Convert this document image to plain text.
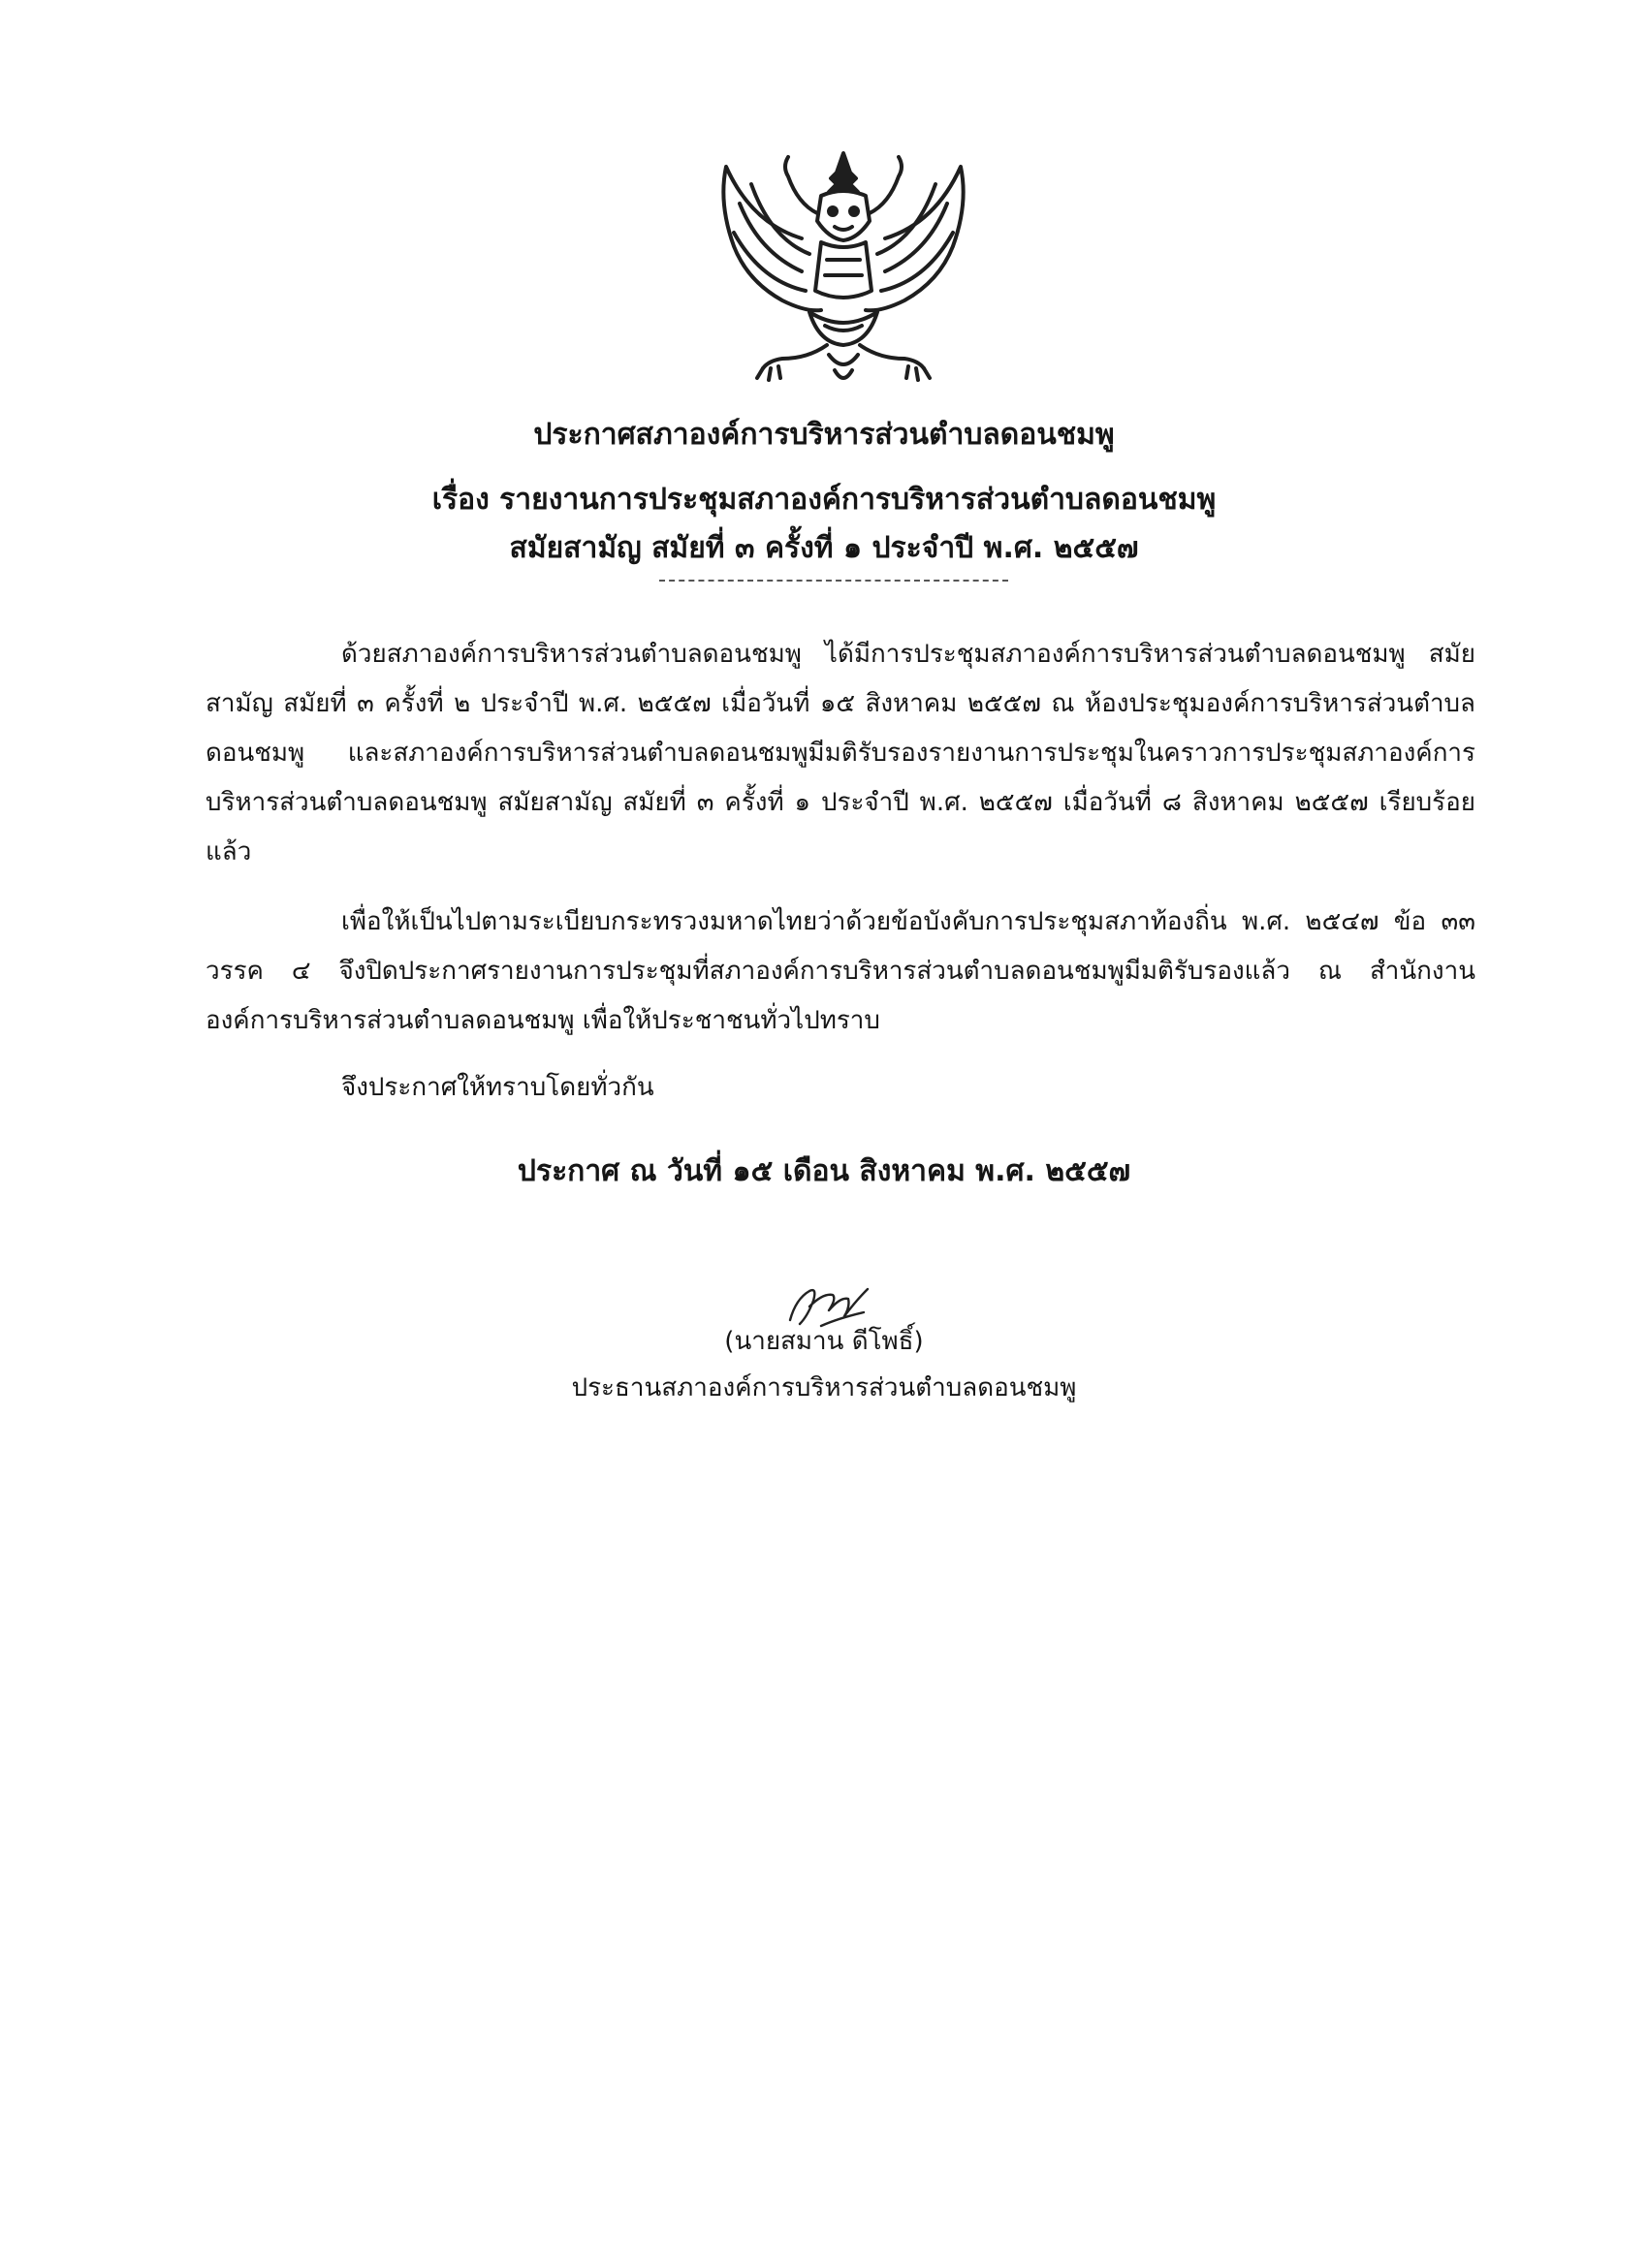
ประกาศสภาองค์การบริหารส่วนตำบลดอนชมพู
เรื่อง รายงานการประชุมสภาองค์การบริหารส่วนตำบลดอนชมพู
สมัยสามัญ สมัยที่ ๓ ครั้งที่ ๑ ประจำปี พ.ศ. ๒๕๕๗
ด้วยสภาองค์การบริหารส่วนตำบลดอนชมพู ได้มีการประชุมสภาองค์การบริหารส่วนตำบลดอนชมพู สมัยสามัญ สมัยที่ ๓ ครั้งที่ ๒ ประจำปี พ.ศ. ๒๕๕๗ เมื่อวันที่ ๑๕ สิงหาคม ๒๕๕๗ ณ ห้องประชุมองค์การบริหารส่วนตำบลดอนชมพู และสภาองค์การบริหารส่วนตำบลดอนชมพูมีมติรับรองรายงานการประชุมในคราวการประชุมสภาองค์การบริหารส่วนตำบลดอนชมพู สมัยสามัญ สมัยที่ ๓ ครั้งที่ ๑ ประจำปี พ.ศ. ๒๕๕๗ เมื่อวันที่ ๘ สิงหาคม ๒๕๕๗ เรียบร้อยแล้ว
เพื่อให้เป็นไปตามระเบียบกระทรวงมหาดไทยว่าด้วยข้อบังคับการประชุมสภาท้องถิ่น พ.ศ. ๒๕๔๗ ข้อ ๓๓ วรรค ๔ จึงปิดประกาศรายงานการประชุมที่สภาองค์การบริหารส่วนตำบลดอนชมพูมีมติรับรองแล้ว ณ สำนักงานองค์การบริหารส่วนตำบลดอนชมพู เพื่อให้ประชาชนทั่วไปทราบ
จึงประกาศให้ทราบโดยทั่วกัน
ประกาศ ณ วันที่ ๑๕ เดือน สิงหาคม พ.ศ. ๒๕๕๗
(นายสมาน ดีโพธิ์)
ประธานสภาองค์การบริหารส่วนตำบลดอนชมพู
